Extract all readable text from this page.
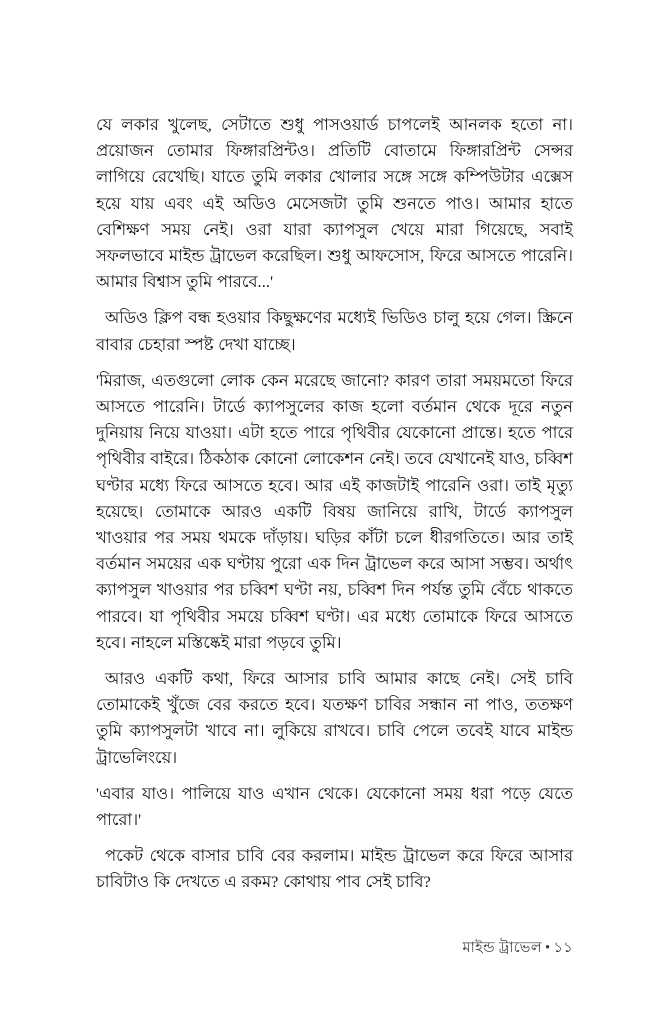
যে লকার খুলেছ, সেটাতে শুধু পাসওয়ার্ড চাপলেই আনলক হতো না। প্রয়োজন তোমার ফিঙ্গারপ্রিন্টও। প্রতিটি বোতামে ফিঙ্গারপ্রিন্ট সেন্সর লাগিয়ে রেখেছি। যাতে তুমি লকার খোলার সঙ্গে সঙ্গে কম্পিউটার এক্সেস হয়ে যায় এবং এই অডিও মেসেজটা তুমি শুনতে পাও। আমার হাতে বেশিক্ষণ সময় নেই। ওরা যারা ক্যাপসুল খেয়ে মারা গিয়েছে, সবাই সফলভাবে মাইন্ড ট্রাভেল করেছিল। শুধু আফসোস, ফিরে আসতে পারেনি। আমার বিশ্বাস তুমি পারবে...'

অডিও ক্লিপ বন্ধ হওয়ার কিছুক্ষণের মধ্যেই ভিডিও চালু হয়ে গেল। স্ক্রিনে বাবার চেহারা স্পষ্ট দেখা যাচ্ছে।

'মিরাজ, এতগুলো লোক কেন মরেছে জানো? কারণ তারা সময়মতো ফিরে আসতে পারেনি। টার্ডে ক্যাপসুলের কাজ হলো বর্তমান থেকে দূরে নতুন দুনিয়ায় নিয়ে যাওয়া। এটা হতে পারে পৃথিবীর যেকোনো প্রান্তে। হতে পারে পৃথিবীর বাইরে। ঠিকঠাক কোনো লোকেশন নেই। তবে যেখানেই যাও, চব্বিশ ঘণ্টার মধ্যে ফিরে আসতে হবে। আর এই কাজটাই পারেনি ওরা। তাই মৃত্যু হয়েছে। তোমাকে আরও একটি বিষয় জানিয়ে রাখি, টার্ডে ক্যাপসুল খাওয়ার পর সময় থমকে দাঁড়ায়। ঘড়ির কাঁটা চলে ধীরগতিতে। আর তাই বর্তমান সময়ের এক ঘণ্টায় পুরো এক দিন ট্রাভেল করে আসা সম্ভব। অর্থাৎ ক্যাপসুল খাওয়ার পর চব্বিশ ঘণ্টা নয়, চব্বিশ দিন পর্যন্ত তুমি বেঁচে থাকতে পারবে। যা পৃথিবীর সময়ে চব্বিশ ঘণ্টা। এর মধ্যে তোমাকে ফিরে আসতে হবে। নাহলে মস্তিষ্কেই মারা পড়বে তুমি।

আরও একটি কথা, ফিরে আসার চাবি আমার কাছে নেই। সেই চাবি তোমাকেই খুঁজে বের করতে হবে। যতক্ষণ চাবির সন্ধান না পাও, ততক্ষণ তুমি ক্যাপসুলটা খাবে না। লুকিয়ে রাখবে। চাবি পেলে তবেই যাবে মাইন্ড ট্রাভেলিংয়ে।

'এবার যাও। পালিয়ে যাও এখান থেকে। যেকোনো সময় ধরা পড়ে যেতে পারো।'

পকেট থেকে বাসার চাবি বের করলাম। মাইন্ড ট্রাভেল করে ফিরে আসার চাবিটাও কি দেখতে এ রকম? কোথায় পাব সেই চাবি?

মাইন্ড ট্রাভেল • ১১
